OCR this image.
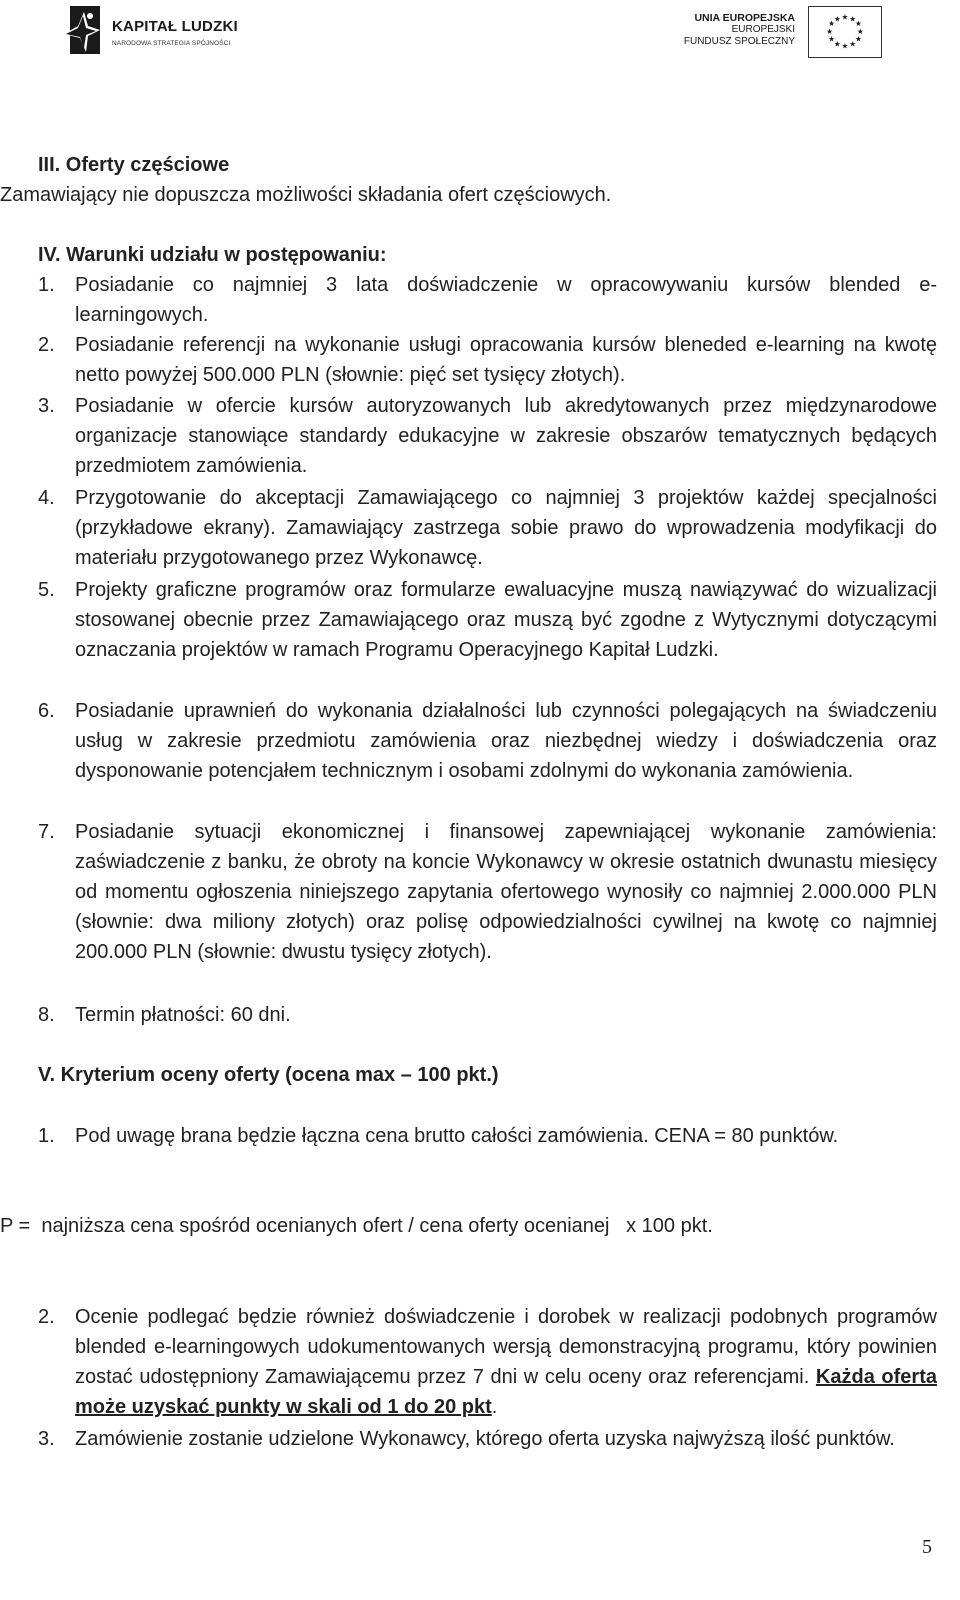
KAPITAŁ LUDZKI
NARODOWA STRATEGIA SPÓJNOŚCI
UNIA EUROPEJSKA
EUROPEJSKI
FUNDUSZ SPOŁECZNY
★ ★
★
★
★
★
★
★
★
★
★
★
III. Oferty częściowe
Zamawiający nie dopuszcza możliwości składania ofert częściowych.
IV. Warunki udziału w postępowaniu:
1.	Posiadanie co najmniej 3 lata doświadczenie w opracowywaniu kursów blended e-learningowych.
2.	Posiadanie referencji na wykonanie usługi opracowania kursów bleneded e-learning na kwotę netto powyżej 500.000 PLN (słownie: pięć set tysięcy złotych).
3.	Posiadanie w ofercie kursów autoryzowanych lub akredytowanych przez międzynarodowe organizacje stanowiące standardy edukacyjne w zakresie obszarów tematycznych będących przedmiotem zamówienia.
4.	Przygotowanie do akceptacji Zamawiającego co najmniej 3 projektów każdej specjalności (przykładowe ekrany). Zamawiający zastrzega sobie prawo do wprowadzenia modyfikacji do materiału przygotowanego przez Wykonawcę.
5.	Projekty graficzne programów oraz formularze ewaluacyjne muszą nawiązywać do wizualizacji stosowanej obecnie przez Zamawiającego oraz muszą być zgodne z Wytycznymi dotyczącymi oznaczania projektów w ramach Programu Operacyjnego Kapitał Ludzki.
6.	Posiadanie uprawnień do wykonania działalności lub czynności polegających na świadczeniu usług w zakresie przedmiotu zamówienia oraz niezbędnej wiedzy i doświadczenia oraz dysponowanie potencjałem technicznym i osobami zdolnymi do wykonania zamówienia.
7.	Posiadanie sytuacji ekonomicznej i finansowej zapewniającej wykonanie zamówienia: zaświadczenie z banku, że obroty na koncie Wykonawcy w okresie ostatnich dwunastu miesięcy od momentu ogłoszenia niniejszego zapytania ofertowego wynosiły co najmniej 2.000.000 PLN (słownie: dwa miliony złotych) oraz polisę odpowiedzialności cywilnej na kwotę co najmniej 200.000 PLN (słownie: dwustu tysięcy złotych).
8.	Termin płatności: 60 dni.
V. Kryterium oceny oferty (ocena max – 100 pkt.)
1.	Pod uwagę brana będzie łączna cena brutto całości zamówienia. CENA = 80 punktów.
P =  najniższa cena spośród ocenianych ofert / cena oferty ocenianej   x 100 pkt.
2.	Ocenie podlegać będzie również doświadczenie i dorobek w realizacji podobnych programów blended e-learningowych udokumentowanych wersją demonstracyjną programu, który powinien zostać udostępniony Zamawiającemu przez 7 dni w celu oceny oraz referencjami. Każda oferta może uzyskać punkty w skali od 1 do 20 pkt.
3.	Zamówienie zostanie udzielone Wykonawcy, którego oferta uzyska najwyższą ilość punktów.
5
